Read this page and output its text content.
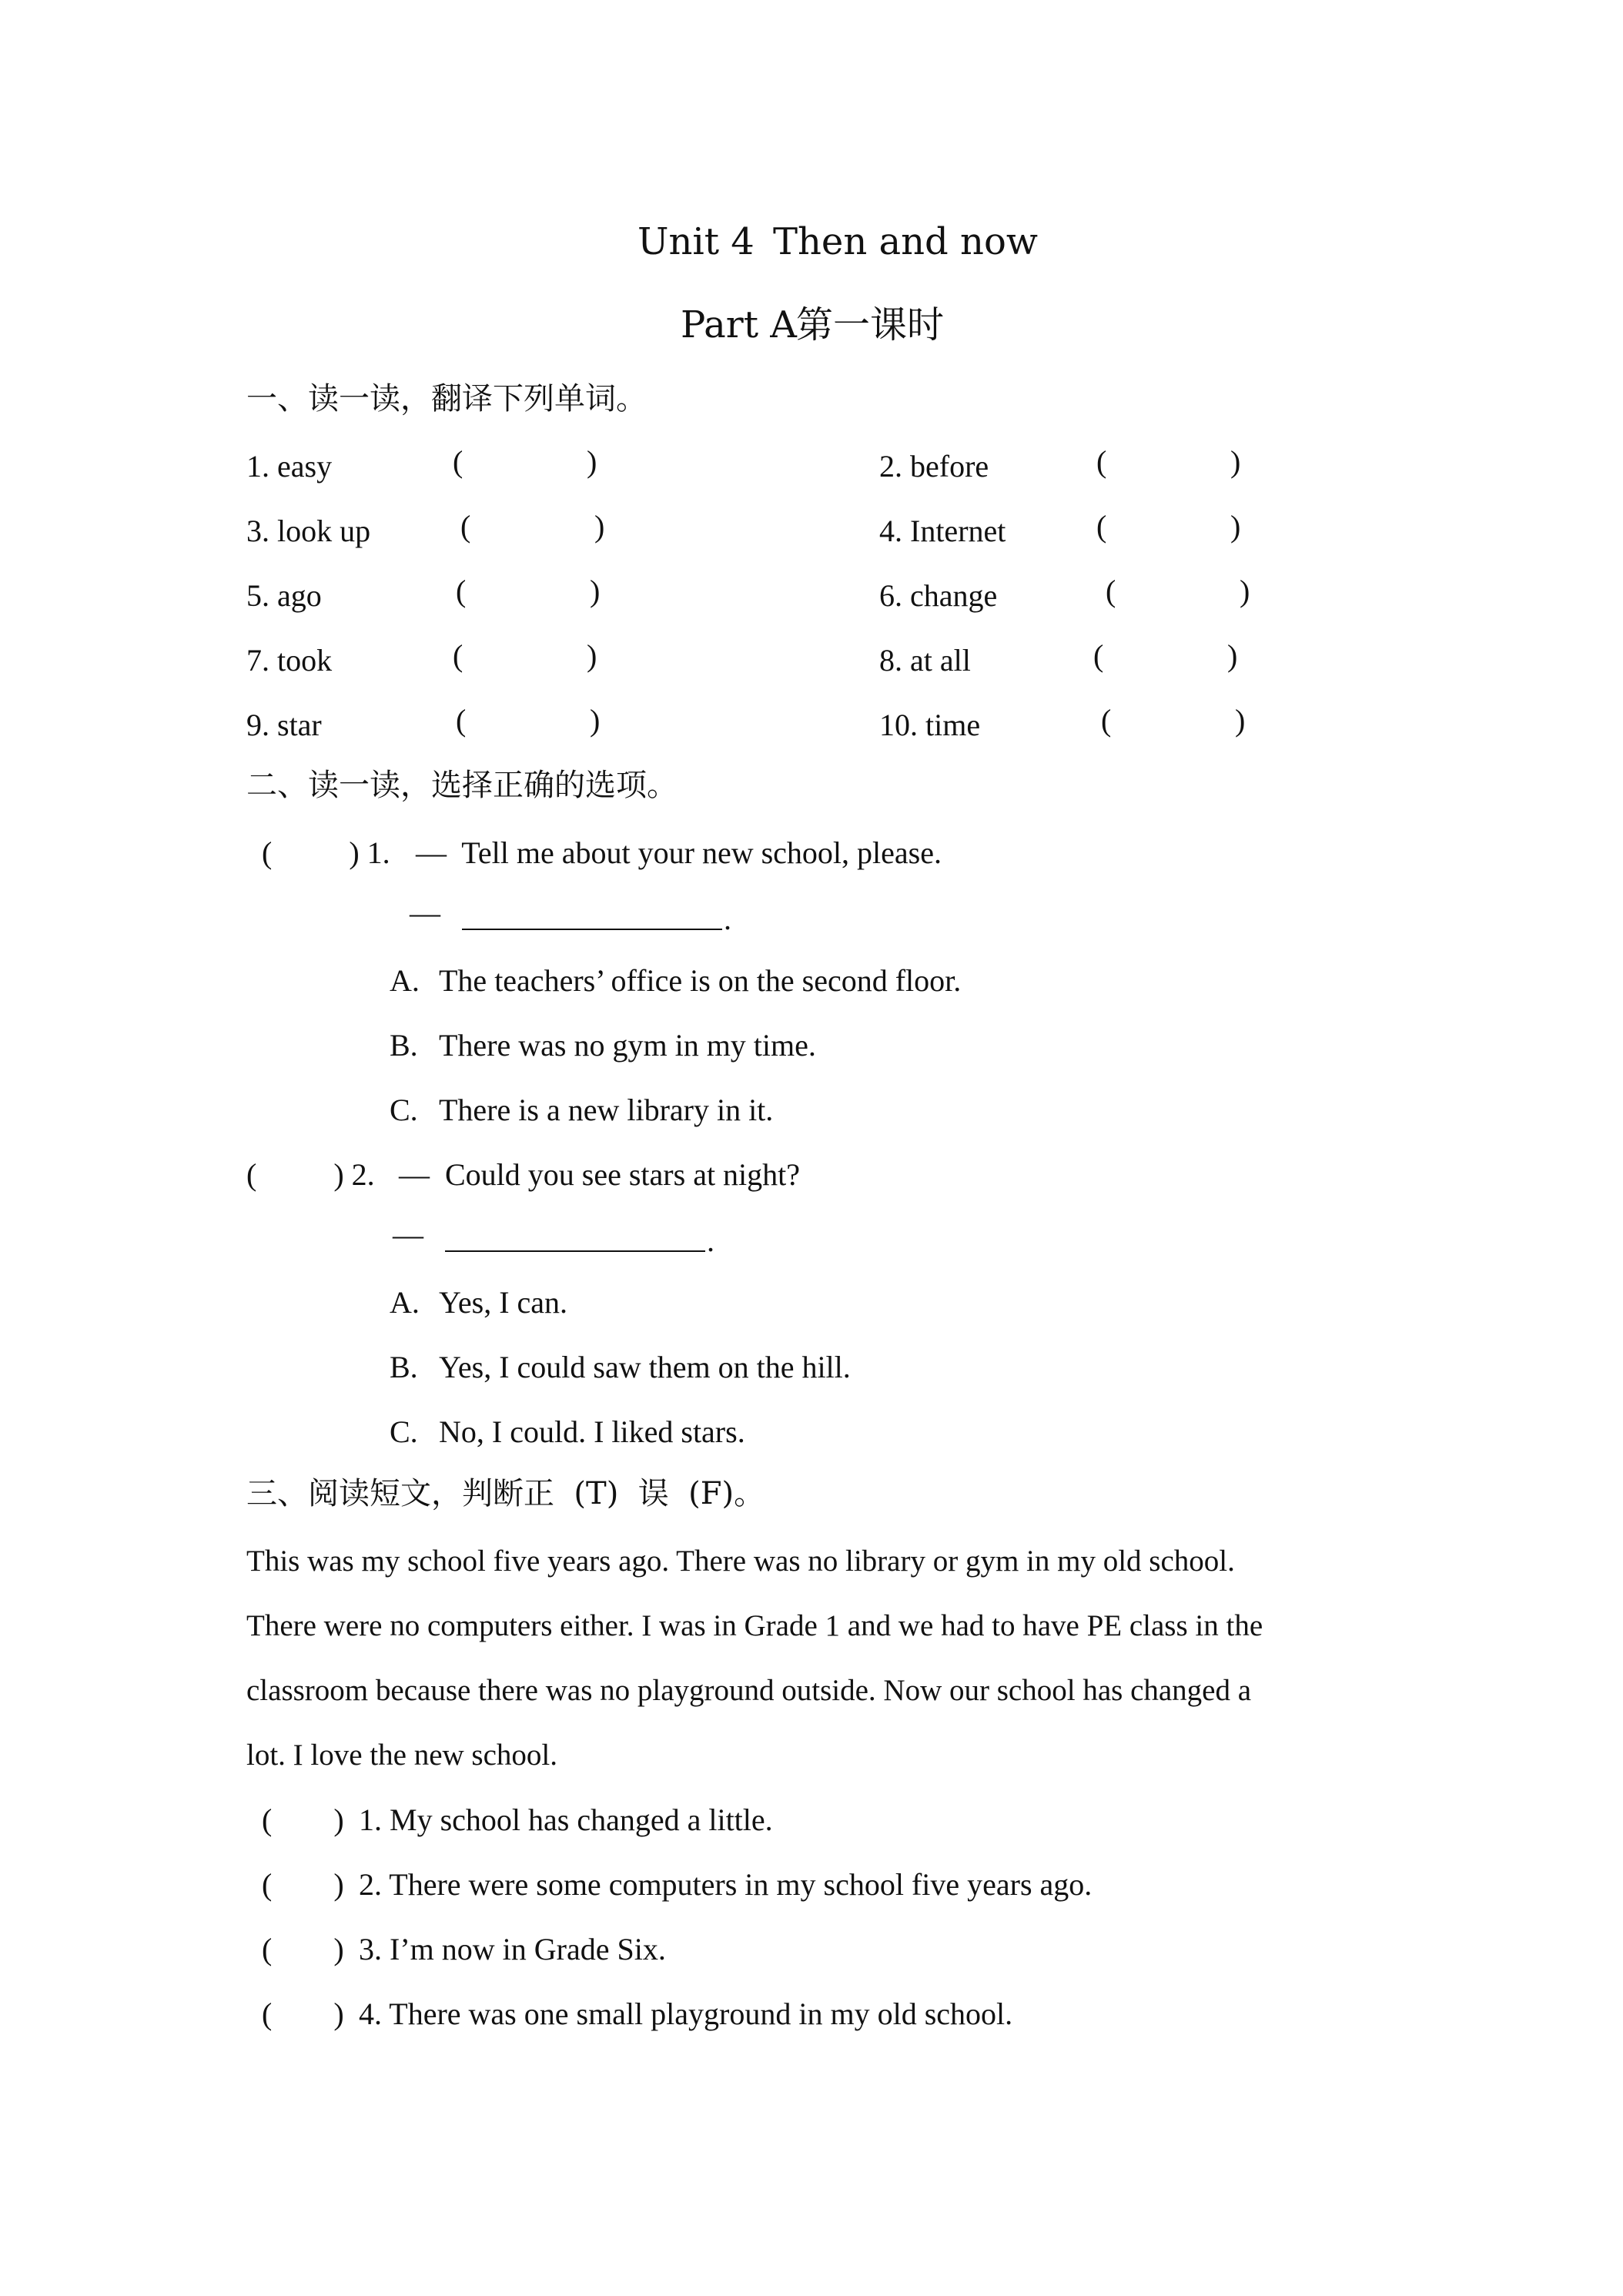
Unit 4 Then and now
Part A 第一课时
一、读一读，翻译下列单词。
1. easy	(	)	2. before	(	)
3. look up	(	)	4. Internet	(	)
5. ago	(	)	6. change	(	)
7. took	(	)	8. at all	(	)
9. star	(	)	10. time	(	)
二、读一读，选择正确的选项。
(          ) 1. —  Tell me about your new school, please.
—	.
A. The teachers’ office is on the second floor.
B. There was no gym in my time.
C. There is a new library in it.
(          ) 2. —  Could you see stars at night?
—	.
A. Yes, I can.
B. Yes, I could saw them on the hill.
C. No, I could. I liked stars.
三、阅读短文，判断正  (T)  误  (F)。
This was my school five years ago. There was no library or gym in my old school.
There were no computers either. I was in Grade 1 and we had to have PE class in the
classroom because there was no playground outside. Now our school has changed a
lot. I love the new school.
(        ) 1. My school has changed a little.
(        ) 2. There were some computers in my school five years ago.
(        ) 3. I’m now in Grade Six.
(        ) 4. There was one small playground in my old school.
